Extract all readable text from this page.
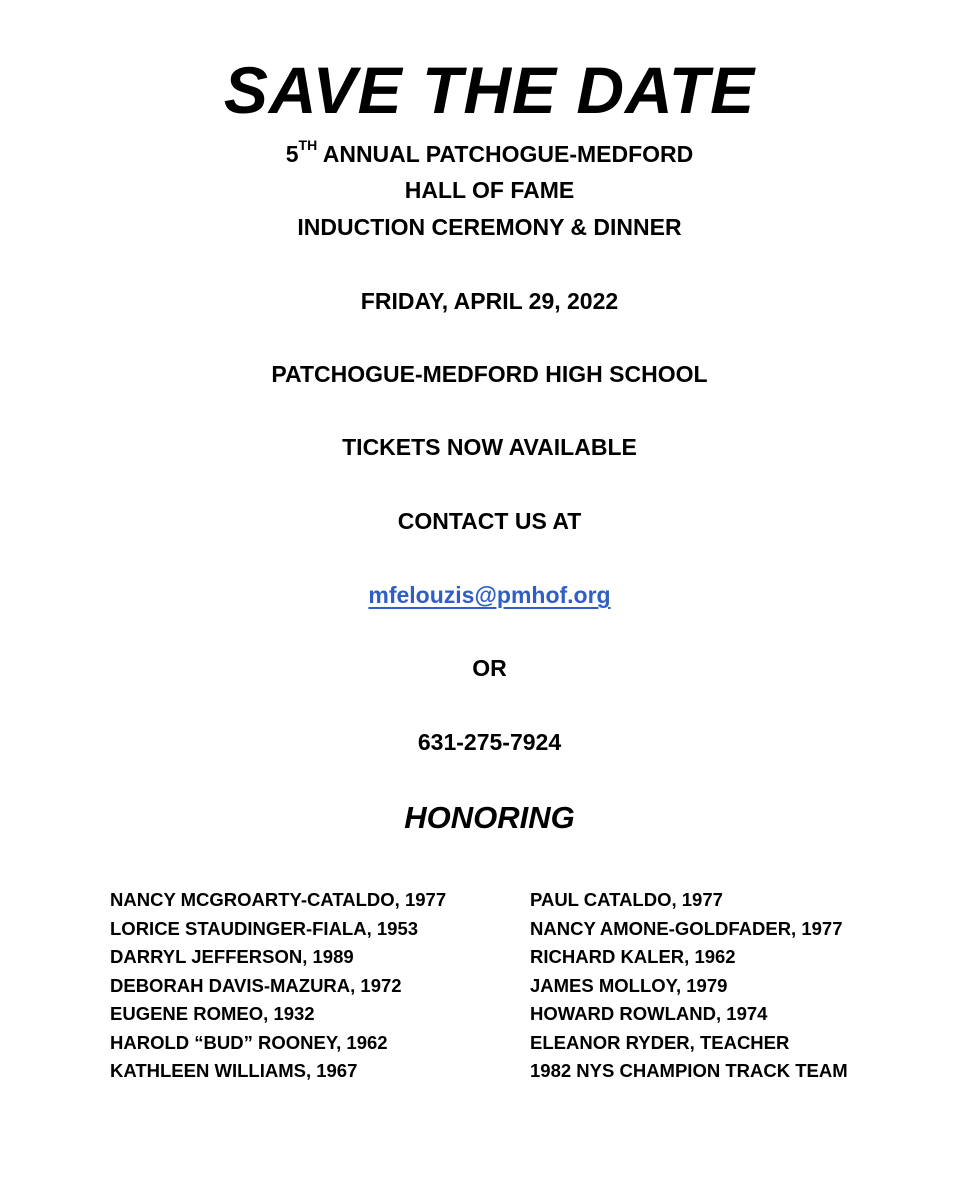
SAVE THE DATE
5TH ANNUAL PATCHOGUE-MEDFORD
HALL OF FAME
INDUCTION CEREMONY & DINNER
FRIDAY, APRIL 29, 2022
PATCHOGUE-MEDFORD HIGH SCHOOL
TICKETS NOW AVAILABLE
CONTACT US AT
mfelouzis@pmhof.org
OR
631-275-7924
HONORING
NANCY MCGROARTY-CATALDO, 1977
LORICE STAUDINGER-FIALA, 1953
DARRYL JEFFERSON, 1989
DEBORAH DAVIS-MAZURA, 1972
EUGENE ROMEO, 1932
HAROLD “BUD” ROONEY, 1962
KATHLEEN WILLIAMS, 1967
PAUL CATALDO, 1977
NANCY AMONE-GOLDFADER, 1977
RICHARD KALER, 1962
JAMES MOLLOY, 1979
HOWARD ROWLAND, 1974
ELEANOR RYDER, TEACHER
1982 NYS CHAMPION TRACK TEAM
